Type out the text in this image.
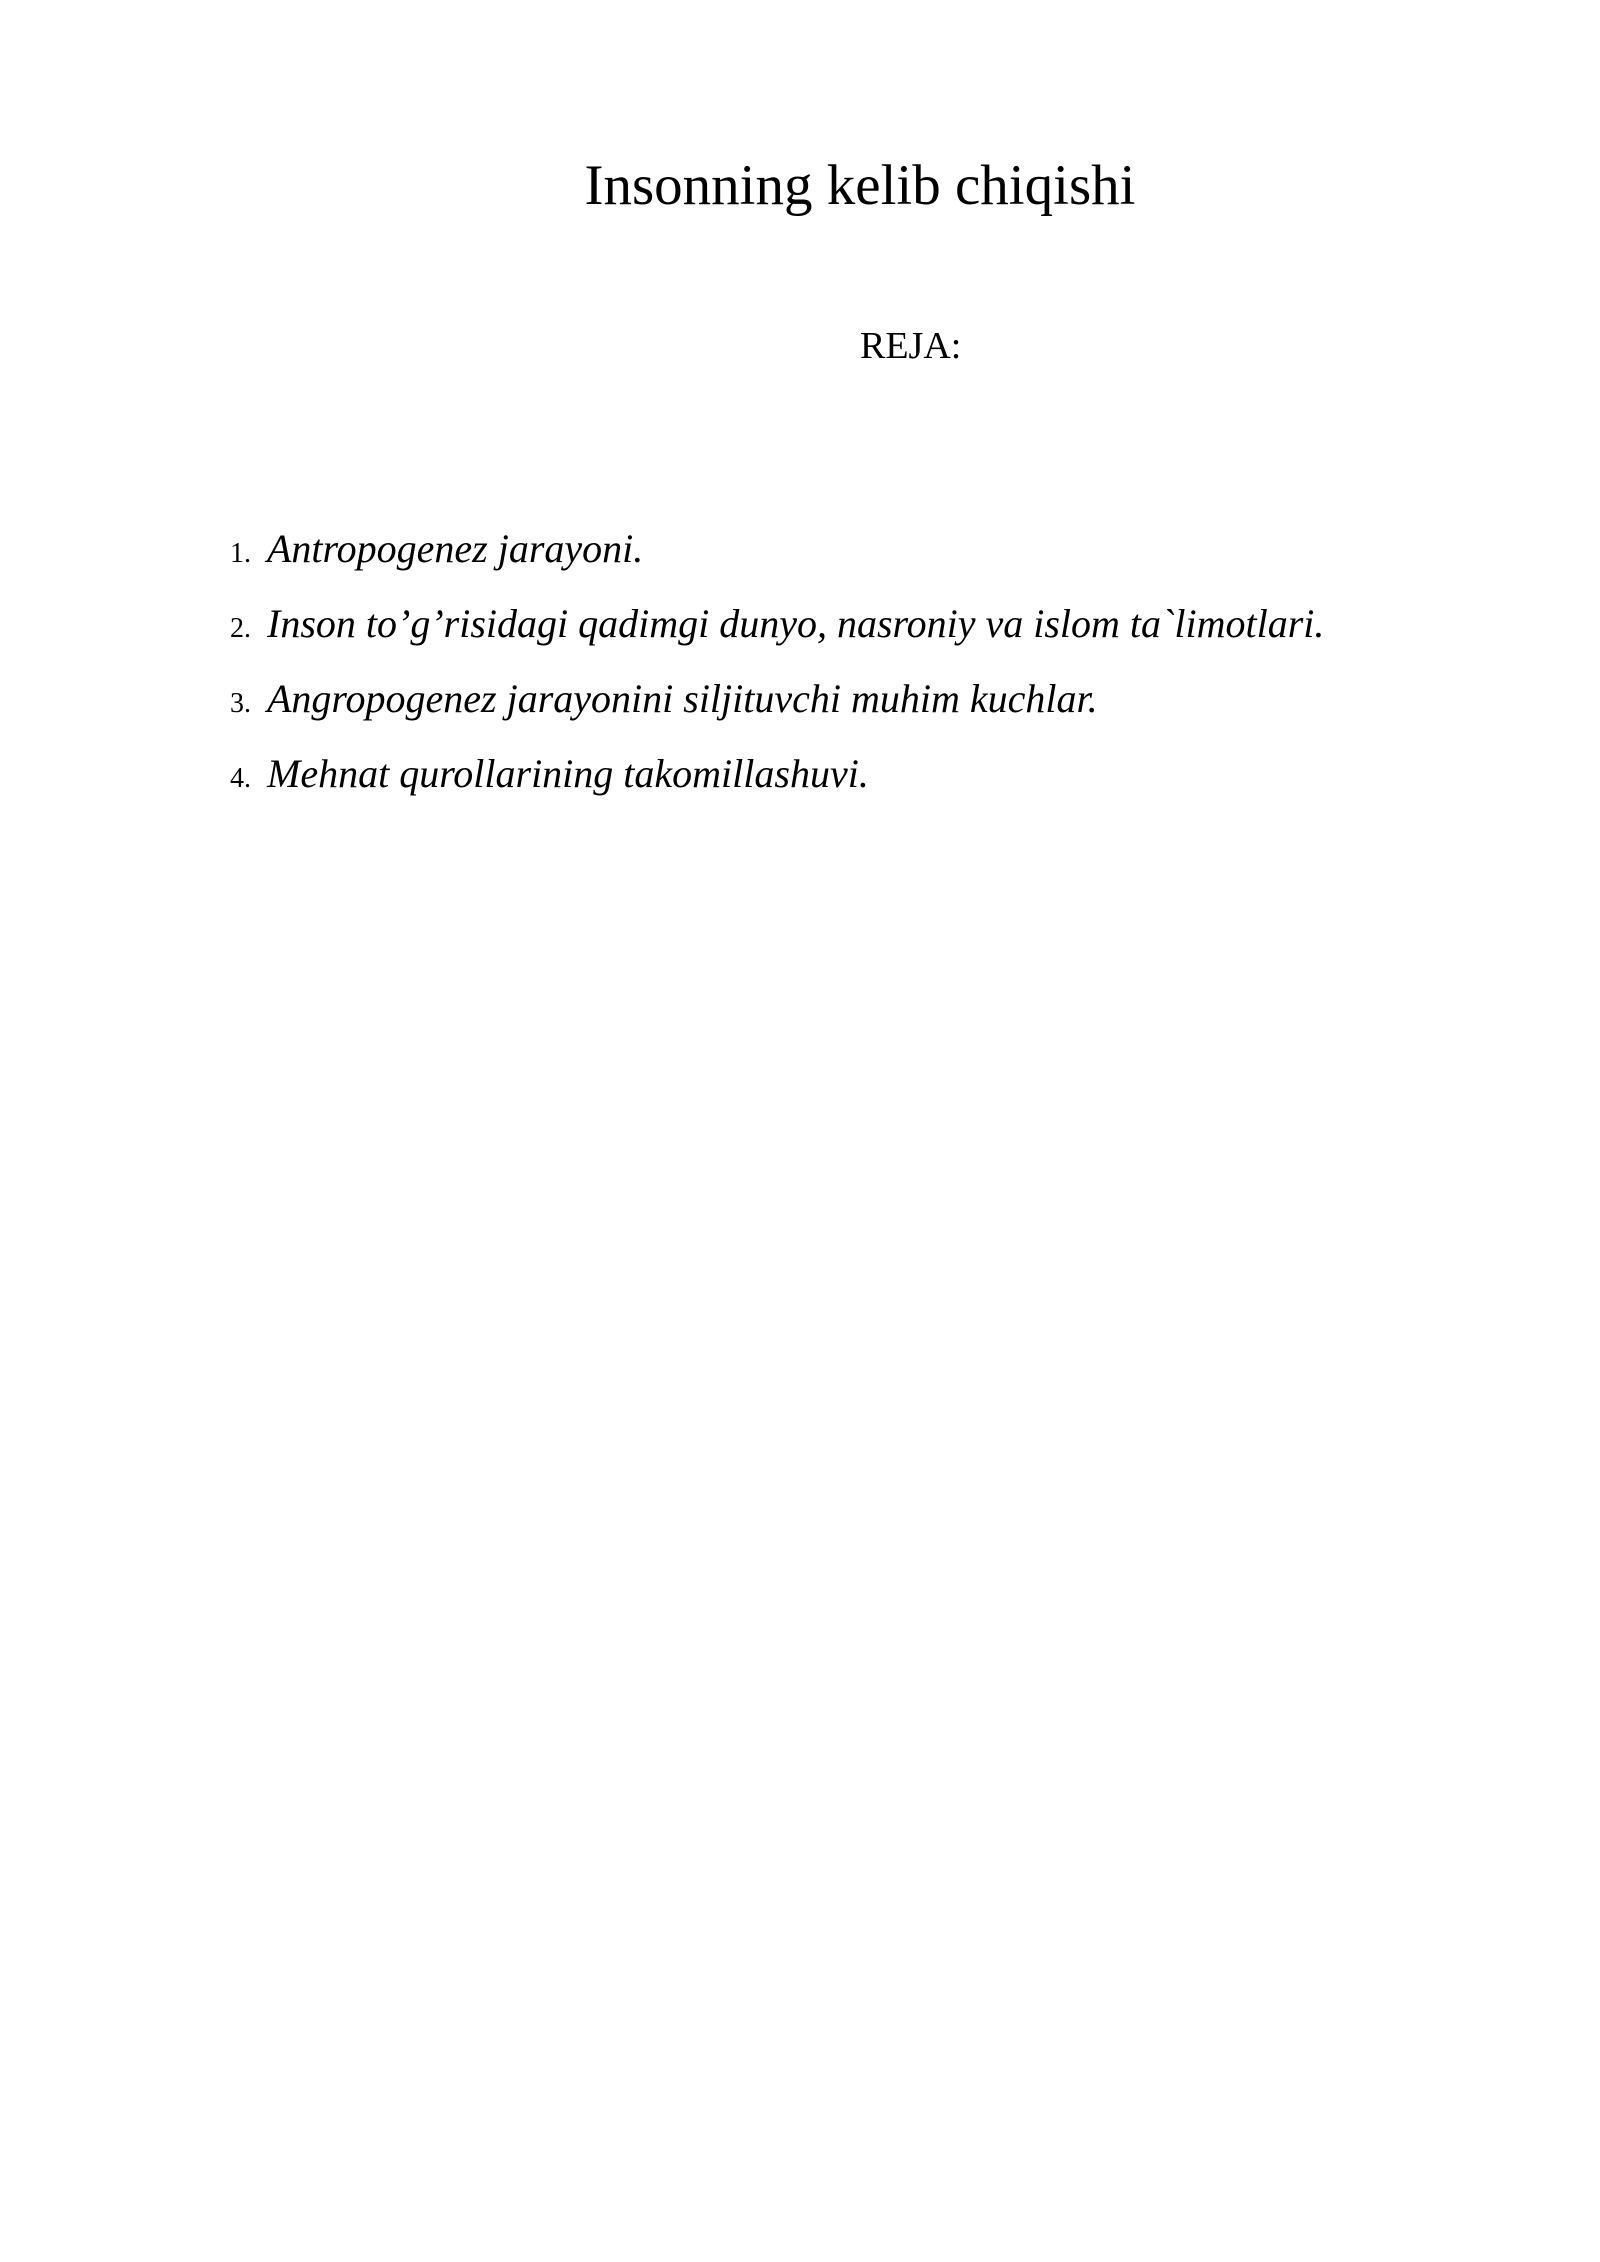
Insonning kelib chiqishi
REJA:
1. Antropogenez jarayoni.
2. Inson to’g’risidagi qadimgi dunyo, nasroniy va islom ta`limotlari.
3. Angropogenez jarayonini siljituvchi muhim kuchlar.
4. Mehnat qurollarining takomillashuvi.
